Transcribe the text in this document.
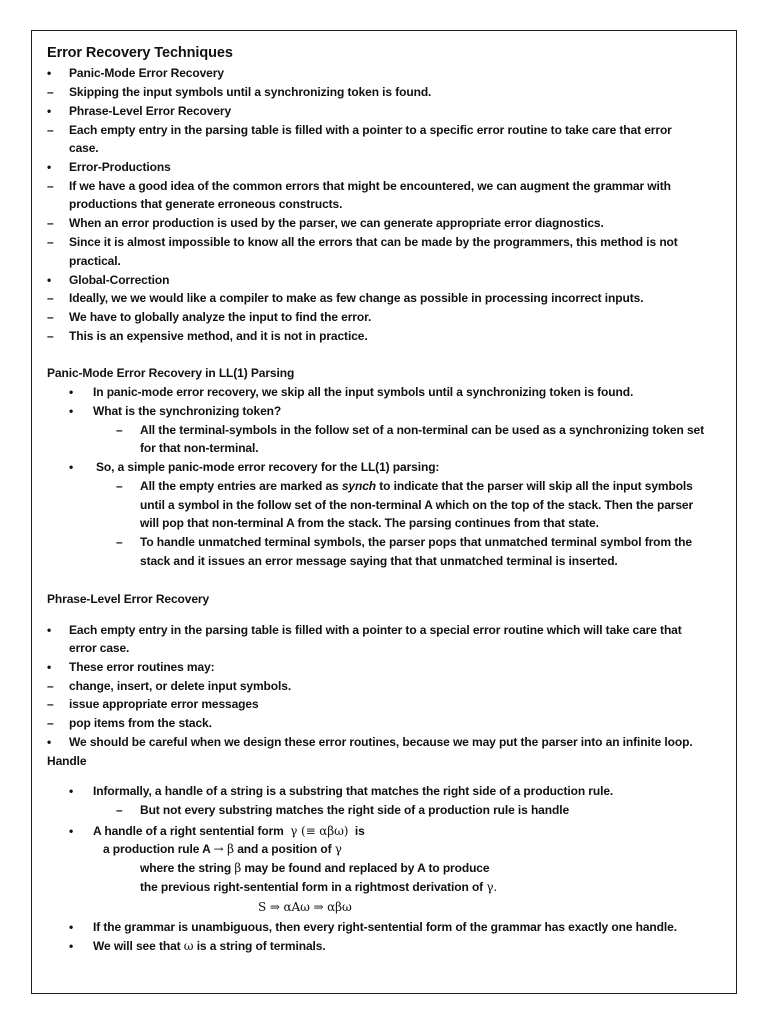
Error Recovery Techniques
• Panic-Mode Error Recovery
– Skipping the input symbols until a synchronizing token is found.
• Phrase-Level Error Recovery
– Each empty entry in the parsing table is filled with a pointer to a specific error routine to take care that error
case.
• Error-Productions
– If we have a good idea of the common errors that might be encountered, we can augment the grammar with
productions that generate erroneous constructs.
– When an error production is used by the parser, we can generate appropriate error diagnostics.
– Since it is almost impossible to know all the errors that can be made by the programmers, this method is not
practical.
• Global-Correction
– Ideally, we we would like a compiler to make as few change as possible in processing incorrect inputs.
– We have to globally analyze the input to find the error.
– This is an expensive method, and it is not in practice.
Panic-Mode Error Recovery in LL(1) Parsing
• In panic-mode error recovery, we skip all the input symbols until a synchronizing token is found.
• What is the synchronizing token?
– All the terminal-symbols in the follow set of a non-terminal can be used as a synchronizing token set
for that non-terminal.
• So, a simple panic-mode error recovery for the LL(1) parsing:
– All the empty entries are marked as synch to indicate that the parser will skip all the input symbols
until a symbol in the follow set of the non-terminal A which on the top of the stack. Then the parser
will pop that non-terminal A from the stack. The parsing continues from that state.
– To handle unmatched terminal symbols, the parser pops that unmatched terminal symbol from the
stack and it issues an error message saying that that unmatched terminal is inserted.
Phrase-Level Error Recovery
• Each empty entry in the parsing table is filled with a pointer to a special error routine which will take care that
error case.
• These error routines may:
– change, insert, or delete input symbols.
– issue appropriate error messages
– pop items from the stack.
• We should be careful when we design these error routines, because we may put the parser into an infinite loop.
Handle
• Informally, a handle of a string is a substring that matches the right side of a production rule.
– But not every substring matches the right side of a production rule is handle
• A handle of a right sentential form γ (≡ αβω) is
a production rule A → β and a position of γ
where the string β may be found and replaced by A to produce
the previous right-sentential form in a rightmost derivation of γ.
S ⇒ αAω ⇒ αβω
• If the grammar is unambiguous, then every right-sentential form of the grammar has exactly one handle.
• We will see that ω is a string of terminals.
